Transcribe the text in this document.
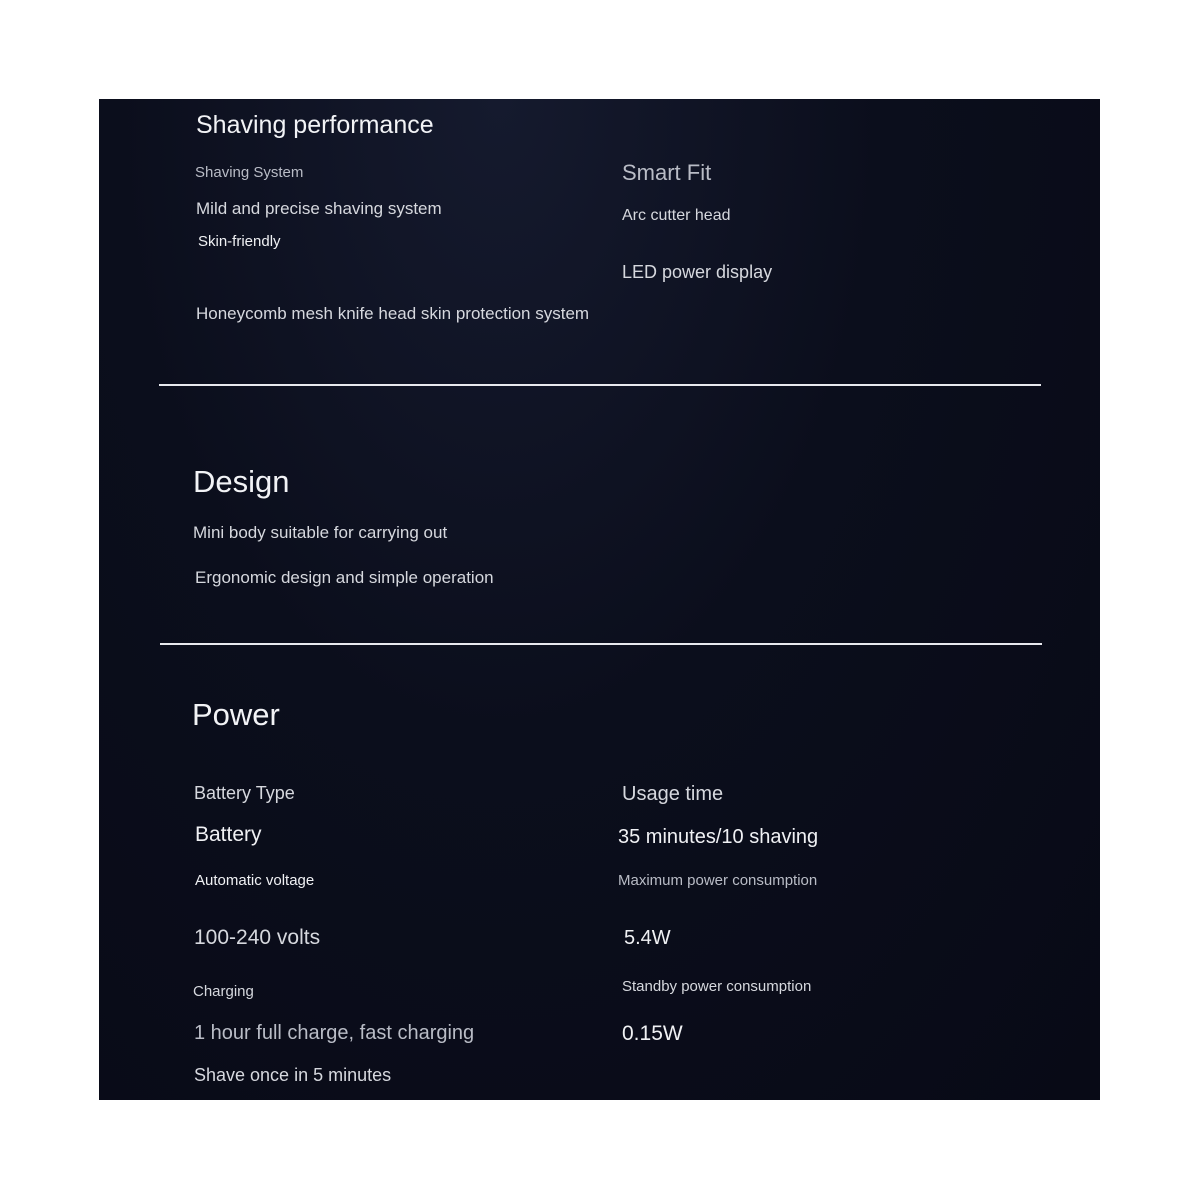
Shaving performance
Shaving System
Mild and precise shaving system
Skin-friendly
Honeycomb mesh knife head skin protection system
Smart Fit
Arc cutter head
LED power display
Design
Mini body suitable for carrying out
Ergonomic design and simple operation
Power
Battery Type
Battery
Automatic voltage
100-240 volts
Charging
1 hour full charge, fast charging
Shave once in 5 minutes
Usage time
35 minutes/10 shaving
Maximum power consumption
5.4W
Standby power consumption
0.15W
